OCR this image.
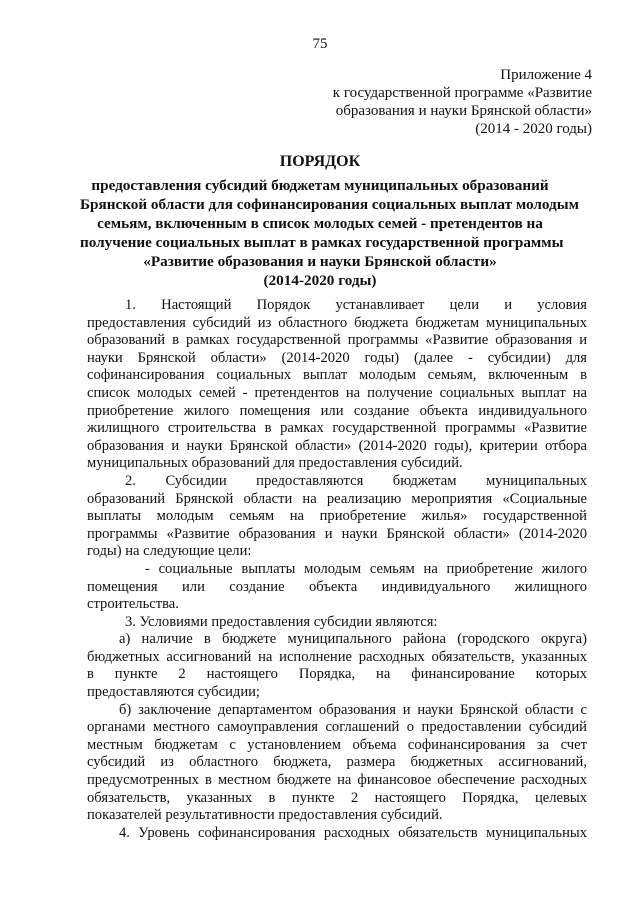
75
Приложение 4
к государственной программе «Развитие
образования и науки Брянской области»
(2014 - 2020 годы)
ПОРЯДОК
предоставления субсидий бюджетам муниципальных образований
Брянской области для софинансирования социальных выплат молодым
семьям, включенным в список молодых семей - претендентов на
получение социальных выплат в рамках государственной программы
«Развитие образования и науки Брянской области»
(2014-2020 годы)
1. Настоящий Порядок устанавливает цели и условия
предоставления субсидий из областного бюджета бюджетам муниципальных
образований в рамках государственной программы «Развитие образования и
науки Брянской области» (2014-2020 годы) (далее - субсидии) для
софинансирования социальных выплат молодым семьям, включенным в
список молодых семей - претендентов на получение социальных выплат на
приобретение жилого помещения или создание объекта индивидуального
жилищного строительства в рамках государственной программы «Развитие
образования и науки Брянской области» (2014-2020 годы), критерии отбора
муниципальных образований для предоставления субсидий.
2. Субсидии предоставляются бюджетам муниципальных
образований Брянской области на реализацию мероприятия «Социальные
выплаты молодым семьям на приобретение жилья» государственной
программы «Развитие образования и науки Брянской области» (2014-2020
годы) на следующие цели:
- социальные выплаты молодым семьям на приобретение жилого
помещения или создание объекта индивидуального жилищного
строительства.
3. Условиями предоставления субсидии являются:
а) наличие в бюджете муниципального района (городского округа)
бюджетных ассигнований на исполнение расходных обязательств, указанных
в пункте 2 настоящего Порядка, на финансирование которых
предоставляются субсидии;
б) заключение департаментом образования и науки Брянской области с
органами местного самоуправления соглашений о предоставлении субсидий
местным бюджетам с установлением объема софинансирования за счет
субсидий из областного бюджета, размера бюджетных ассигнований,
предусмотренных в местном бюджете на финансовое обеспечение расходных
обязательств, указанных в пункте 2 настоящего Порядка, целевых
показателей результативности предоставления субсидий.
4. Уровень софинансирования расходных обязательств муниципальных
